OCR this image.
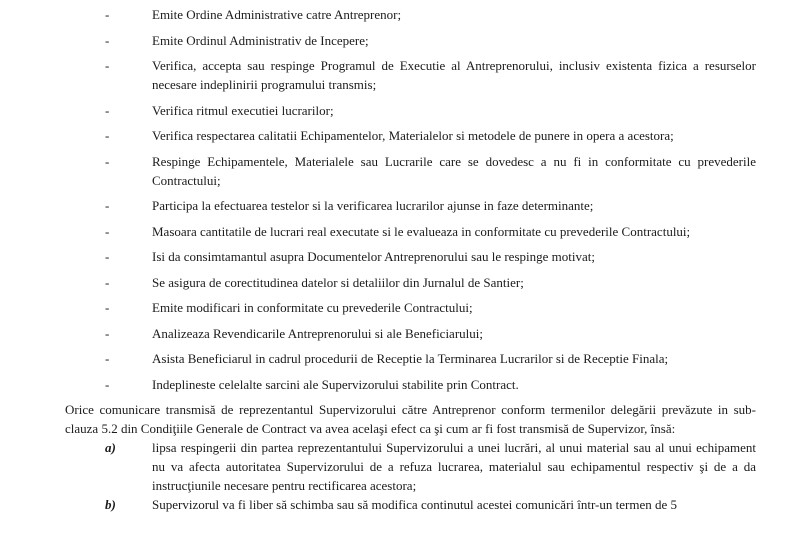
-	Emite Ordine Administrative catre Antreprenor;
-	Emite Ordinul Administrativ de Incepere;
-	Verifica, accepta sau respinge Programul de Executie al Antreprenorului, inclusiv existenta fizica a resurselor necesare indeplinirii programului transmis;
-	Verifica ritmul executiei lucrarilor;
-	Verifica respectarea calitatii Echipamentelor, Materialelor si metodele de punere in opera a acestora;
-	Respinge Echipamentele, Materialele sau Lucrarile care se dovedesc a nu fi in conformitate cu prevederile Contractului;
-	Participa la efectuarea testelor si la verificarea lucrarilor ajunse in faze determinante;
-	Masoara cantitatile de lucrari real executate si le evalueaza in conformitate cu prevederile Contractului;
-	Isi da consimtamantul asupra Documentelor Antreprenorului sau le respinge motivat;
-	Se asigura de corectitudinea datelor si detaliilor din Jurnalul de Santier;
-	Emite modificari in conformitate cu prevederile Contractului;
-	Analizeaza Revendicarile Antreprenorului si ale Beneficiarului;
-	Asista Beneficiarul in cadrul procedurii de Receptie la Terminarea Lucrarilor si de Receptie Finala;
-	Indeplineste celelalte sarcini ale Supervizorului stabilite prin Contract.

Orice comunicare transmisă de reprezentantul Supervizorului către Antreprenor conform termenilor delegării prevăzute in sub-clauza 5.2 din Condiţiile Generale de Contract va avea acelaşi efect ca şi cum ar fi fost transmisă de Supervizor, însă:

a)	lipsa respingerii din partea reprezentantului Supervizorului a unei lucrări, al unui material sau al unui echipament nu va afecta autoritatea Supervizorului de a refuza lucrarea, materialul sau echipamentul respectiv şi de a da instrucţiunile necesare pentru rectificarea acestora;
b)	Supervizorul va fi liber să schimba sau să modifica continutul acestei comunicări într-un termen de 5
